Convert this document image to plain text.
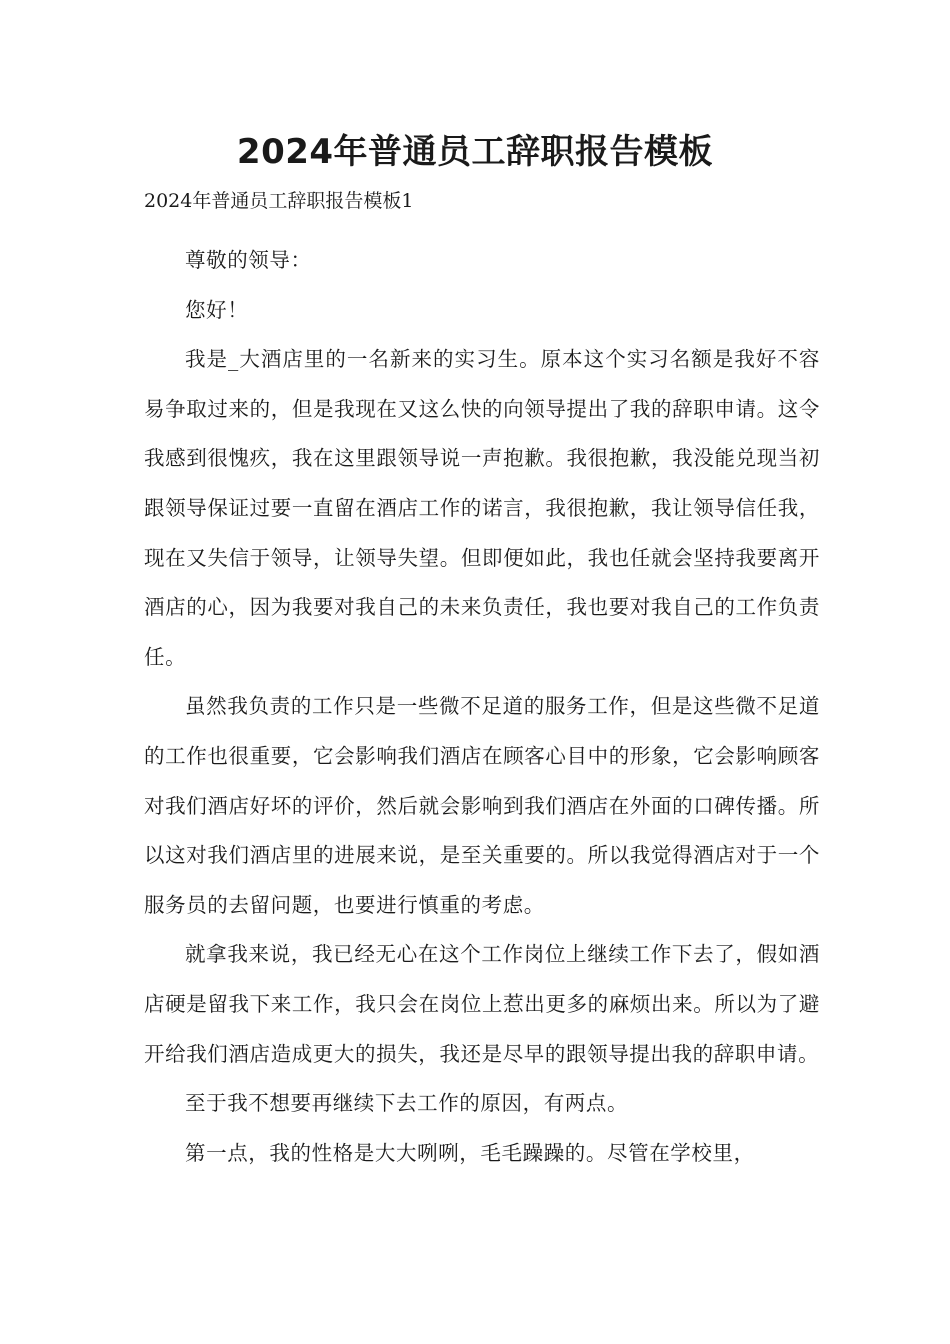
2024年普通员工辞职报告模板

2024年普通员工辞职报告模板1

尊敬的领导：

您好！

我是_大酒店里的一名新来的实习生。原本这个实习名额是我好不容易争取过来的，但是我现在又这么快的向领导提出了我的辞职申请。这令我感到很愧疚，我在这里跟领导说一声抱歉。我很抱歉，我没能兑现当初跟领导保证过要一直留在酒店工作的诺言，我很抱歉，我让领导信任我，现在又失信于领导，让领导失望。但即便如此，我也任就会坚持我要离开酒店的心，因为我要对我自己的未来负责任，我也要对我自己的工作负责任。

虽然我负责的工作只是一些微不足道的服务工作，但是这些微不足道的工作也很重要，它会影响我们酒店在顾客心目中的形象，它会影响顾客对我们酒店好坏的评价，然后就会影响到我们酒店在外面的口碑传播。所以这对我们酒店里的进展来说，是至关重要的。所以我觉得酒店对于一个服务员的去留问题，也要进行慎重的考虑。

就拿我来说，我已经无心在这个工作岗位上继续工作下去了，假如酒店硬是留我下来工作，我只会在岗位上惹出更多的麻烦出来。所以为了避开给我们酒店造成更大的损失，我还是尽早的跟领导提出我的辞职申请。

至于我不想要再继续下去工作的原因，有两点。

第一点，我的性格是大大咧咧，毛毛躁躁的。尽管在学校里，
